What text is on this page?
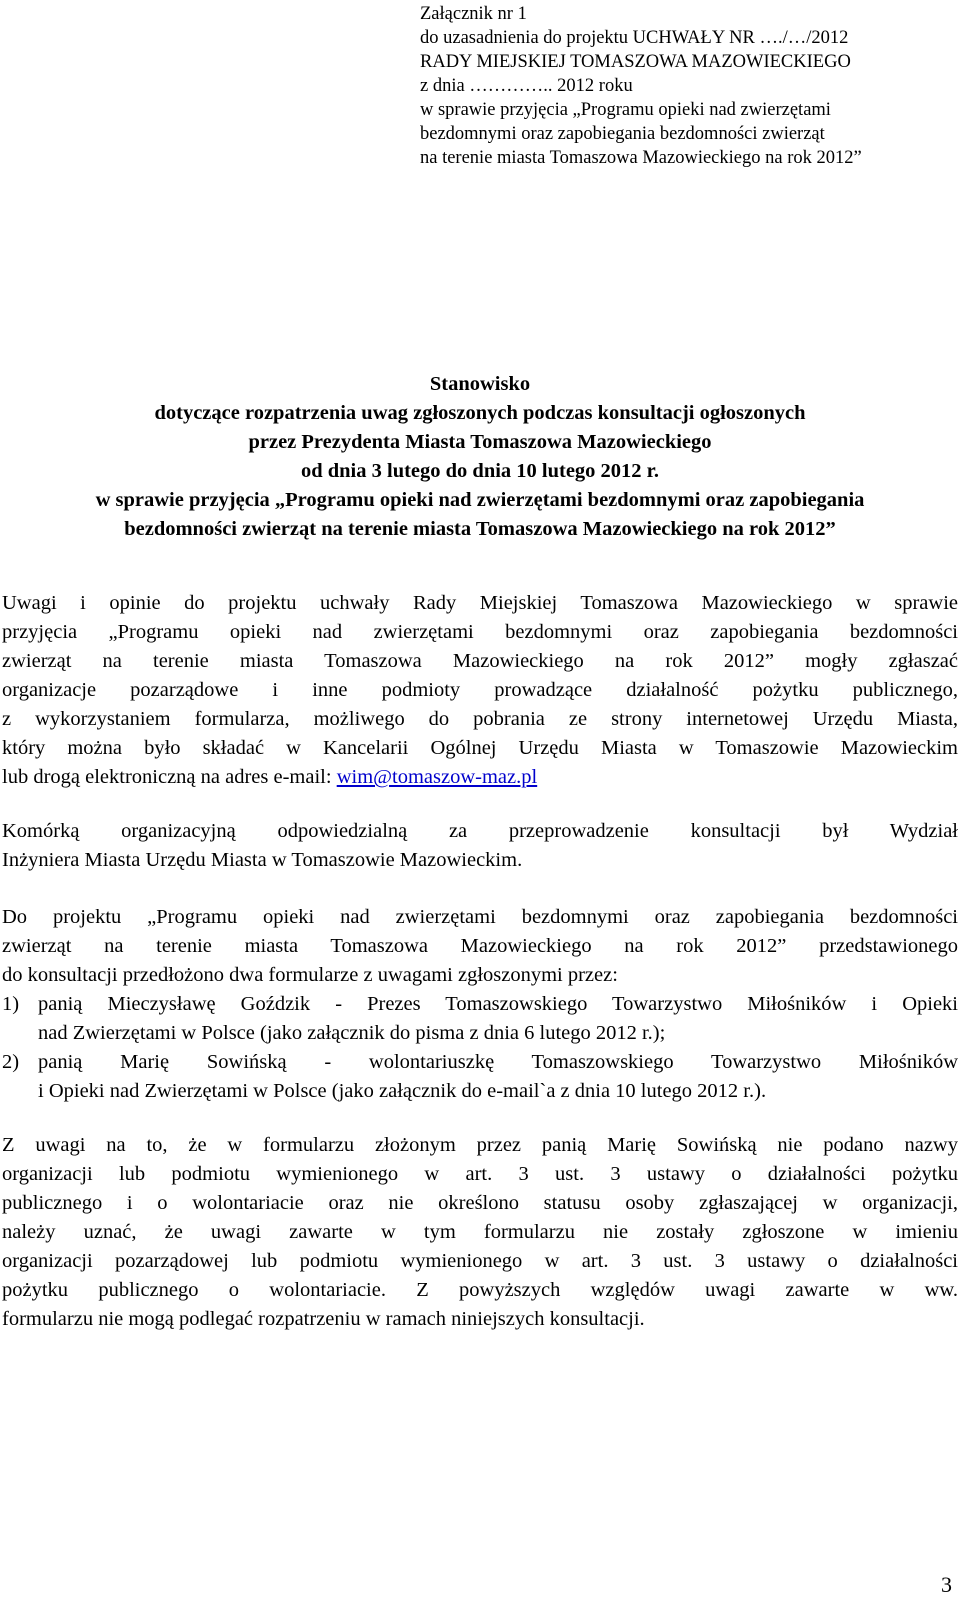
Załącznik nr 1
do uzasadnienia do projektu UCHWAŁY NR …./…/2012
RADY MIEJSKIEJ TOMASZOWA MAZOWIECKIEGO
z dnia ………….. 2012 roku
w sprawie przyjęcia „Programu opieki nad zwierzętami
bezdomnymi oraz zapobiegania bezdomności zwierząt
na terenie miasta Tomaszowa Mazowieckiego na rok 2012”
Stanowisko
dotyczące rozpatrzenia uwag zgłoszonych podczas konsultacji ogłoszonych
przez Prezydenta Miasta Tomaszowa Mazowieckiego
od dnia 3 lutego do dnia 10 lutego 2012 r.
w sprawie przyjęcia „Programu opieki nad zwierzętami bezdomnymi oraz zapobiegania
bezdomności zwierząt na terenie miasta Tomaszowa Mazowieckiego na rok 2012”
Uwagi i opinie do projektu uchwały Rady Miejskiej Tomaszowa Mazowieckiego w sprawie
przyjęcia „Programu opieki nad zwierzętami bezdomnymi oraz zapobiegania bezdomności
zwierząt na terenie miasta Tomaszowa Mazowieckiego na rok 2012” mogły zgłaszać
organizacje pozarządowe i inne podmioty prowadzące działalność pożytku publicznego,
z wykorzystaniem formularza, możliwego do pobrania ze strony internetowej Urzędu Miasta,
który można było składać w Kancelarii Ogólnej Urzędu Miasta w Tomaszowie Mazowieckim
lub drogą elektroniczną na adres e-mail: wim@tomaszow-maz.pl
Komórką organizacyjną odpowiedzialną za przeprowadzenie konsultacji był Wydział
Inżyniera Miasta Urzędu Miasta w Tomaszowie Mazowieckim.
Do projektu „Programu opieki nad zwierzętami bezdomnymi oraz zapobiegania bezdomności
zwierząt na terenie miasta Tomaszowa Mazowieckiego na rok 2012” przedstawionego
do konsultacji przedłożono dwa formularze z uwagami zgłoszonymi przez:
1) panią Mieczysławę Goździk - Prezes Tomaszowskiego Towarzystwo Miłośników i Opieki
nad Zwierzętami w Polsce (jako załącznik do pisma z dnia 6 lutego 2012 r.);
2) panią Marię Sowińską - wolontariuszkę Tomaszowskiego Towarzystwo Miłośników
i Opieki nad Zwierzętami w Polsce (jako załącznik do e-mail`a z dnia 10 lutego 2012 r.).
Z uwagi na to, że w formularzu złożonym przez panią Marię Sowińską nie podano nazwy
organizacji lub podmiotu wymienionego w art. 3 ust. 3 ustawy o działalności pożytku
publicznego i o wolontariacie oraz nie określono statusu osoby zgłaszającej w organizacji,
należy uznać, że uwagi zawarte w tym formularzu nie zostały zgłoszone w imieniu
organizacji pozarządowej lub podmiotu wymienionego w art. 3 ust. 3 ustawy o działalności
pożytku publicznego o wolontariacie. Z powyższych względów uwagi zawarte w ww.
formularzu nie mogą podlegać rozpatrzeniu w ramach niniejszych konsultacji.
3
